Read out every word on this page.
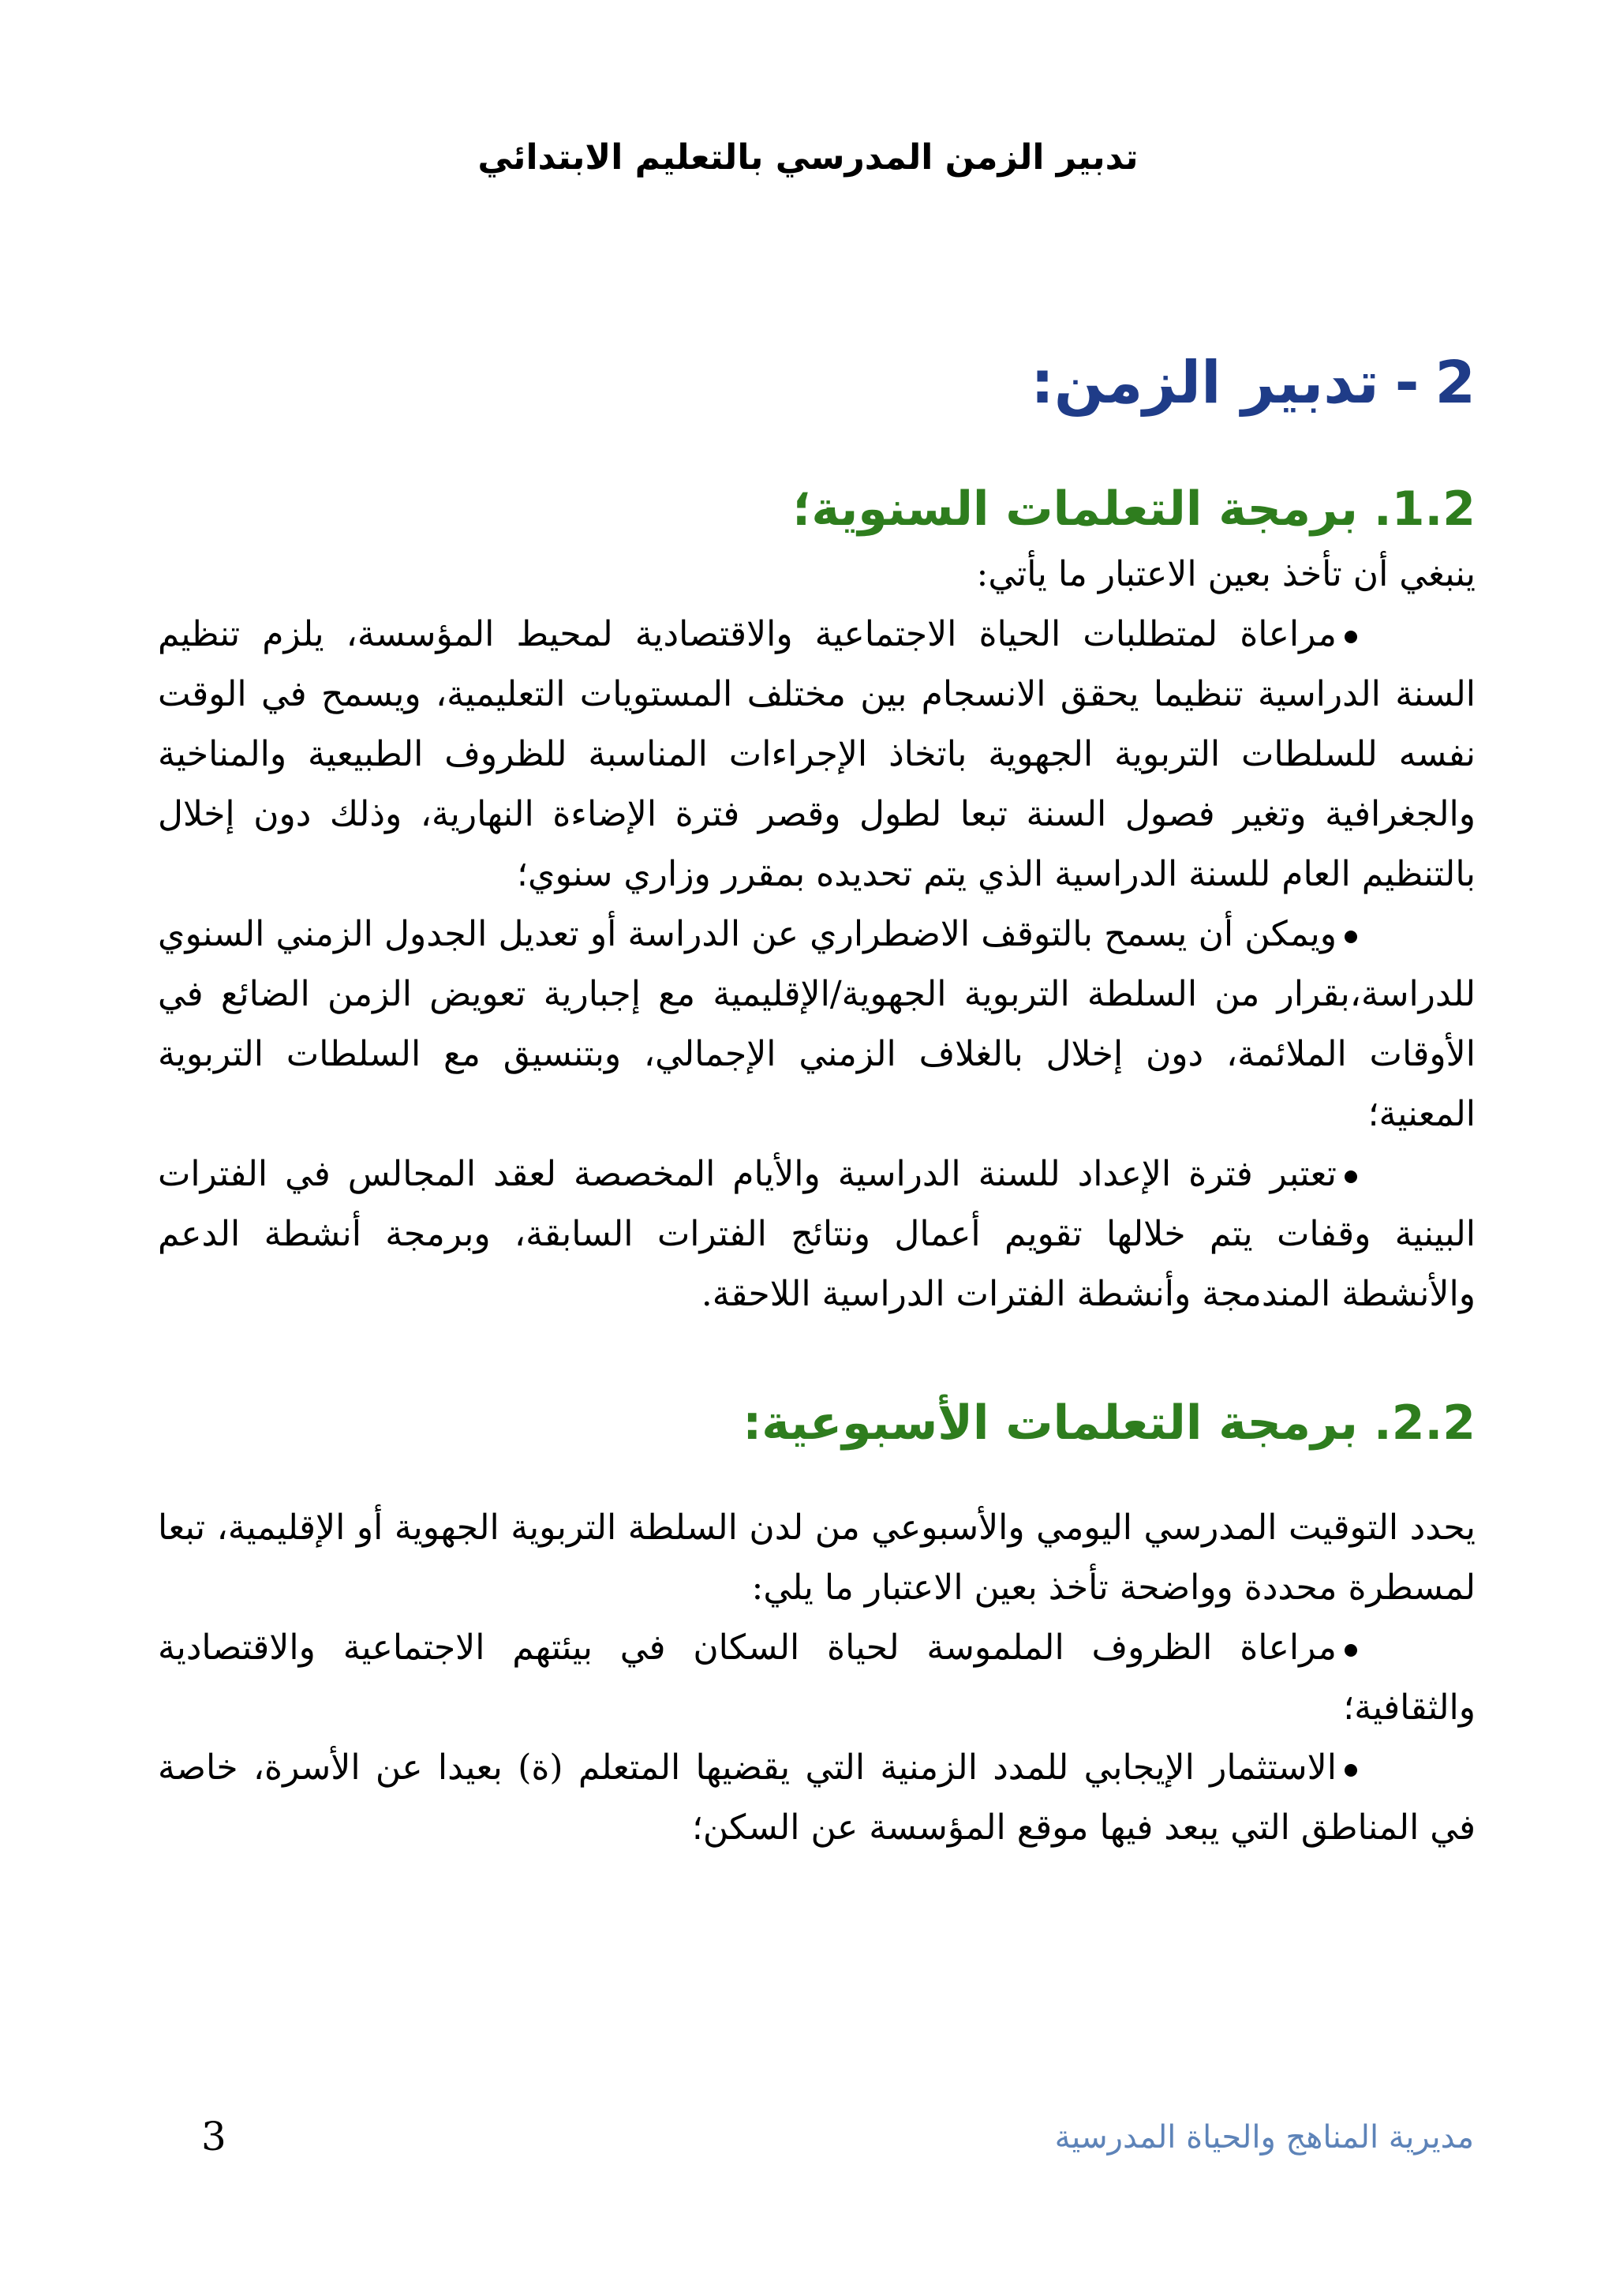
تدبير الزمن المدرسي بالتعليم الابتدائي
2-تدبير الزمن:
1.2.برمجة التعلمات السنوية؛

ينبغي أن تأخذ بعين الاعتبار ما يأتي:

مراعاة لمتطلبات الحياة الاجتماعية والاقتصادية لمحيط المؤسسة، يلزم تنظيم السنة الدراسية تنظيما يحقق الانسجام بين مختلف المستويات التعليمية، ويسمح في الوقت نفسه للسلطات التربوية الجهوية باتخاذ الإجراءات المناسبة للظروف الطبيعية والمناخية والجغرافية وتغير فصول السنة تبعا لطول وقصر فترة الإضاءة النهارية، وذلك دون إخلال بالتنظيم العام للسنة الدراسية الذي يتم تحديده بمقرر وزاري سنوي؛

ويمكن أن يسمح بالتوقف الاضطراري عن الدراسة أو تعديل الجدول الزمني السنوي للدراسة،بقرار من السلطة التربوية الجهوية/الإقليمية مع إجبارية تعويض الزمن الضائع في الأوقات الملائمة، دون إخلال بالغلاف الزمني الإجمالي، وبتنسيق مع السلطات التربوية المعنية؛

تعتبر فترة الإعداد للسنة الدراسية والأيام المخصصة لعقد المجالس في الفترات البينية وقفات يتم خلالها تقويم أعمال ونتائج الفترات السابقة، وبرمجة أنشطة الدعم والأنشطة المندمجة وأنشطة الفترات الدراسية اللاحقة.

2.2.برمجة التعلمات الأسبوعية:

يحدد التوقيت المدرسي اليومي والأسبوعي من لدن السلطة التربوية الجهوية أو الإقليمية، تبعا لمسطرة محددة وواضحة تأخذ بعين الاعتبار ما يلي:

مراعاة الظروف الملموسة لحياة السكان في بيئتهم الاجتماعية والاقتصادية والثقافية؛

الاستثمار الإيجابي للمدد الزمنية التي يقضيها المتعلم (ة) بعيدا عن الأسرة، خاصة في المناطق التي يبعد فيها موقع المؤسسة عن السكن؛

3	مديرية المناهج والحياة المدرسية
